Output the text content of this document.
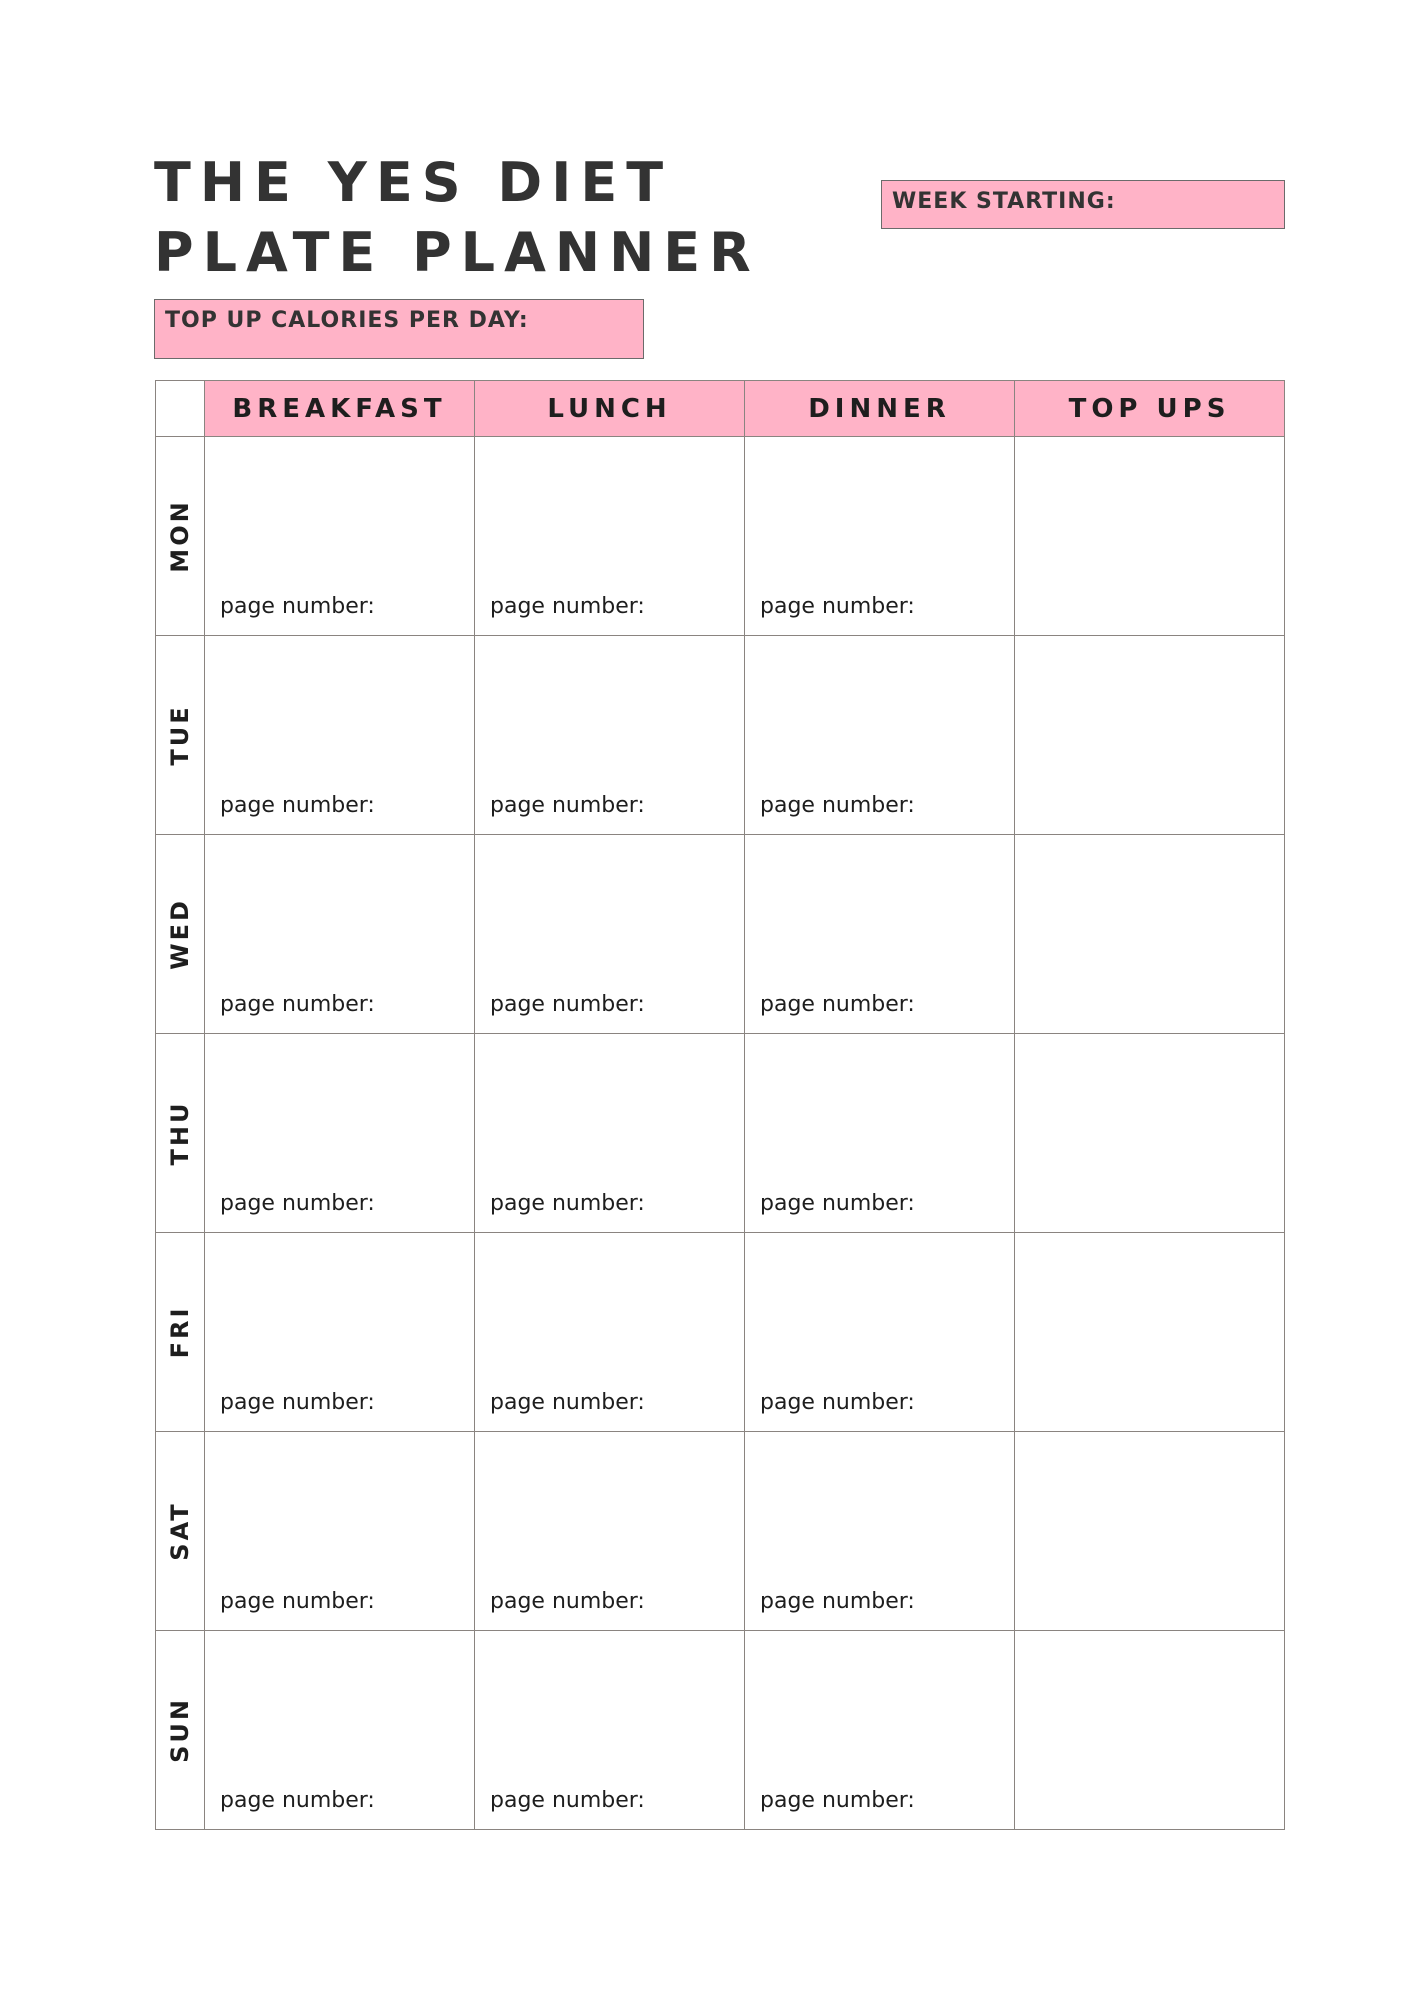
THE YES DIET
PLATE PLANNER
WEEK STARTING:
TOP UP CALORIES PER DAY:
	BREAKFAST	LUNCH	DINNER	TOP UPS

MON	page number:	page number:	page number:	

TUE	page number:	page number:	page number:	

WED	page number:	page number:	page number:	

THU	page number:	page number:	page number:	

FRI	page number:	page number:	page number:	

SAT	page number:	page number:	page number:	

SUN	page number:	page number:	page number:	
